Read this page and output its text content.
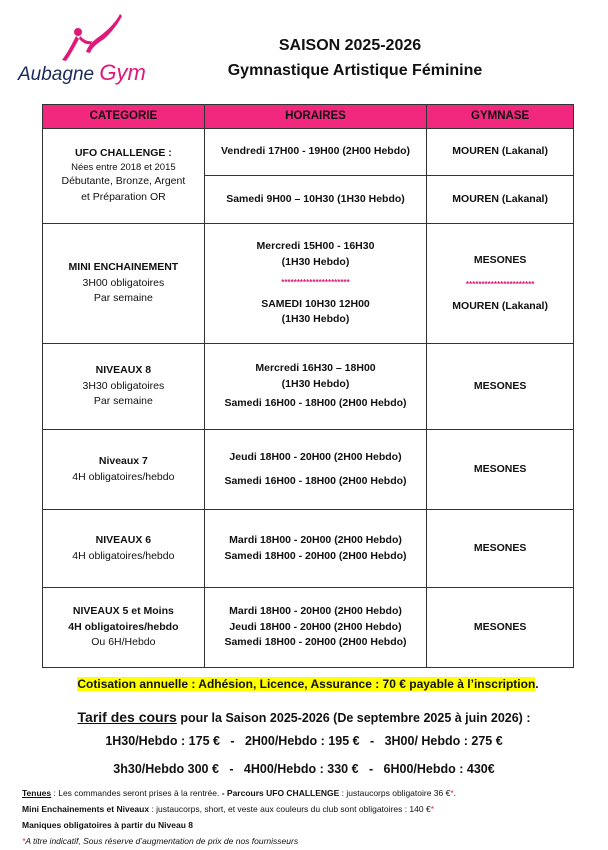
Aubagne Gym
SAISON 2025-2026
Gymnastique Artistique Féminine
CATEGORIE	HORAIRES	GYMNASE

UFO CHALLENGE :
Nées entre 2018 et 2015
Débutante, Bronze, Argent
et Préparation OR	Vendredi 17H00 - 19H00 (2H00 Hebdo)	MOUREN (Lakanal)
	Samedi 9H00 – 10H30 (1H30 Hebdo)	MOUREN (Lakanal)

MINI ENCHAINEMENT
3H00 obligatoires
Par semaine	Mercredi 15H00 - 16H30
(1H30 Hebdo)
**********************
SAMEDI 10H30 12H00
(1H30 Hebdo)	MESONES
**********************
MOUREN (Lakanal)

NIVEAUX 8
3H30 obligatoires
Par semaine	Mercredi 16H30 – 18H00
(1H30 Hebdo)
Samedi 16H00 - 18H00 (2H00 Hebdo)	MESONES

Niveaux 7
4H obligatoires/hebdo	Jeudi 18H00 - 20H00 (2H00 Hebdo)
Samedi 16H00 - 18H00 (2H00 Hebdo)	MESONES

NIVEAUX 6
4H obligatoires/hebdo	Mardi 18H00 - 20H00 (2H00 Hebdo)
Samedi 18H00 - 20H00 (2H00 Hebdo)	MESONES

NIVEAUX 5 et Moins
4H obligatoires/hebdo
Ou 6H/Hebdo	Mardi 18H00 - 20H00 (2H00 Hebdo)
Jeudi 18H00 - 20H00 (2H00 Hebdo)
Samedi 18H00 - 20H00 (2H00 Hebdo)	MESONES
Cotisation annuelle : Adhésion, Licence, Assurance : 70 € payable à l’inscription.
Tarif des cours pour la Saison 2025-2026 (De septembre 2025 à juin 2026) :
1H30/Hebdo : 175 €   -   2H00/Hebdo : 195 €   -   3H00/ Hebdo : 275 €
3h30/Hebdo 300 €   -   4H00/Hebdo : 330 €   -   6H00/Hebdo : 430€
Tenues : Les commandes seront prises à la rentrée. - Parcours UFO CHALLENGE : justaucorps obligatoire 36 €*.
Mini Enchainements et Niveaux : justaucorps, short, et veste aux couleurs du club sont obligatoires : 140 €*
Maniques obligatoires à partir du Niveau 8
*A titre indicatif, Sous réserve d’augmentation de prix de nos fournisseurs
